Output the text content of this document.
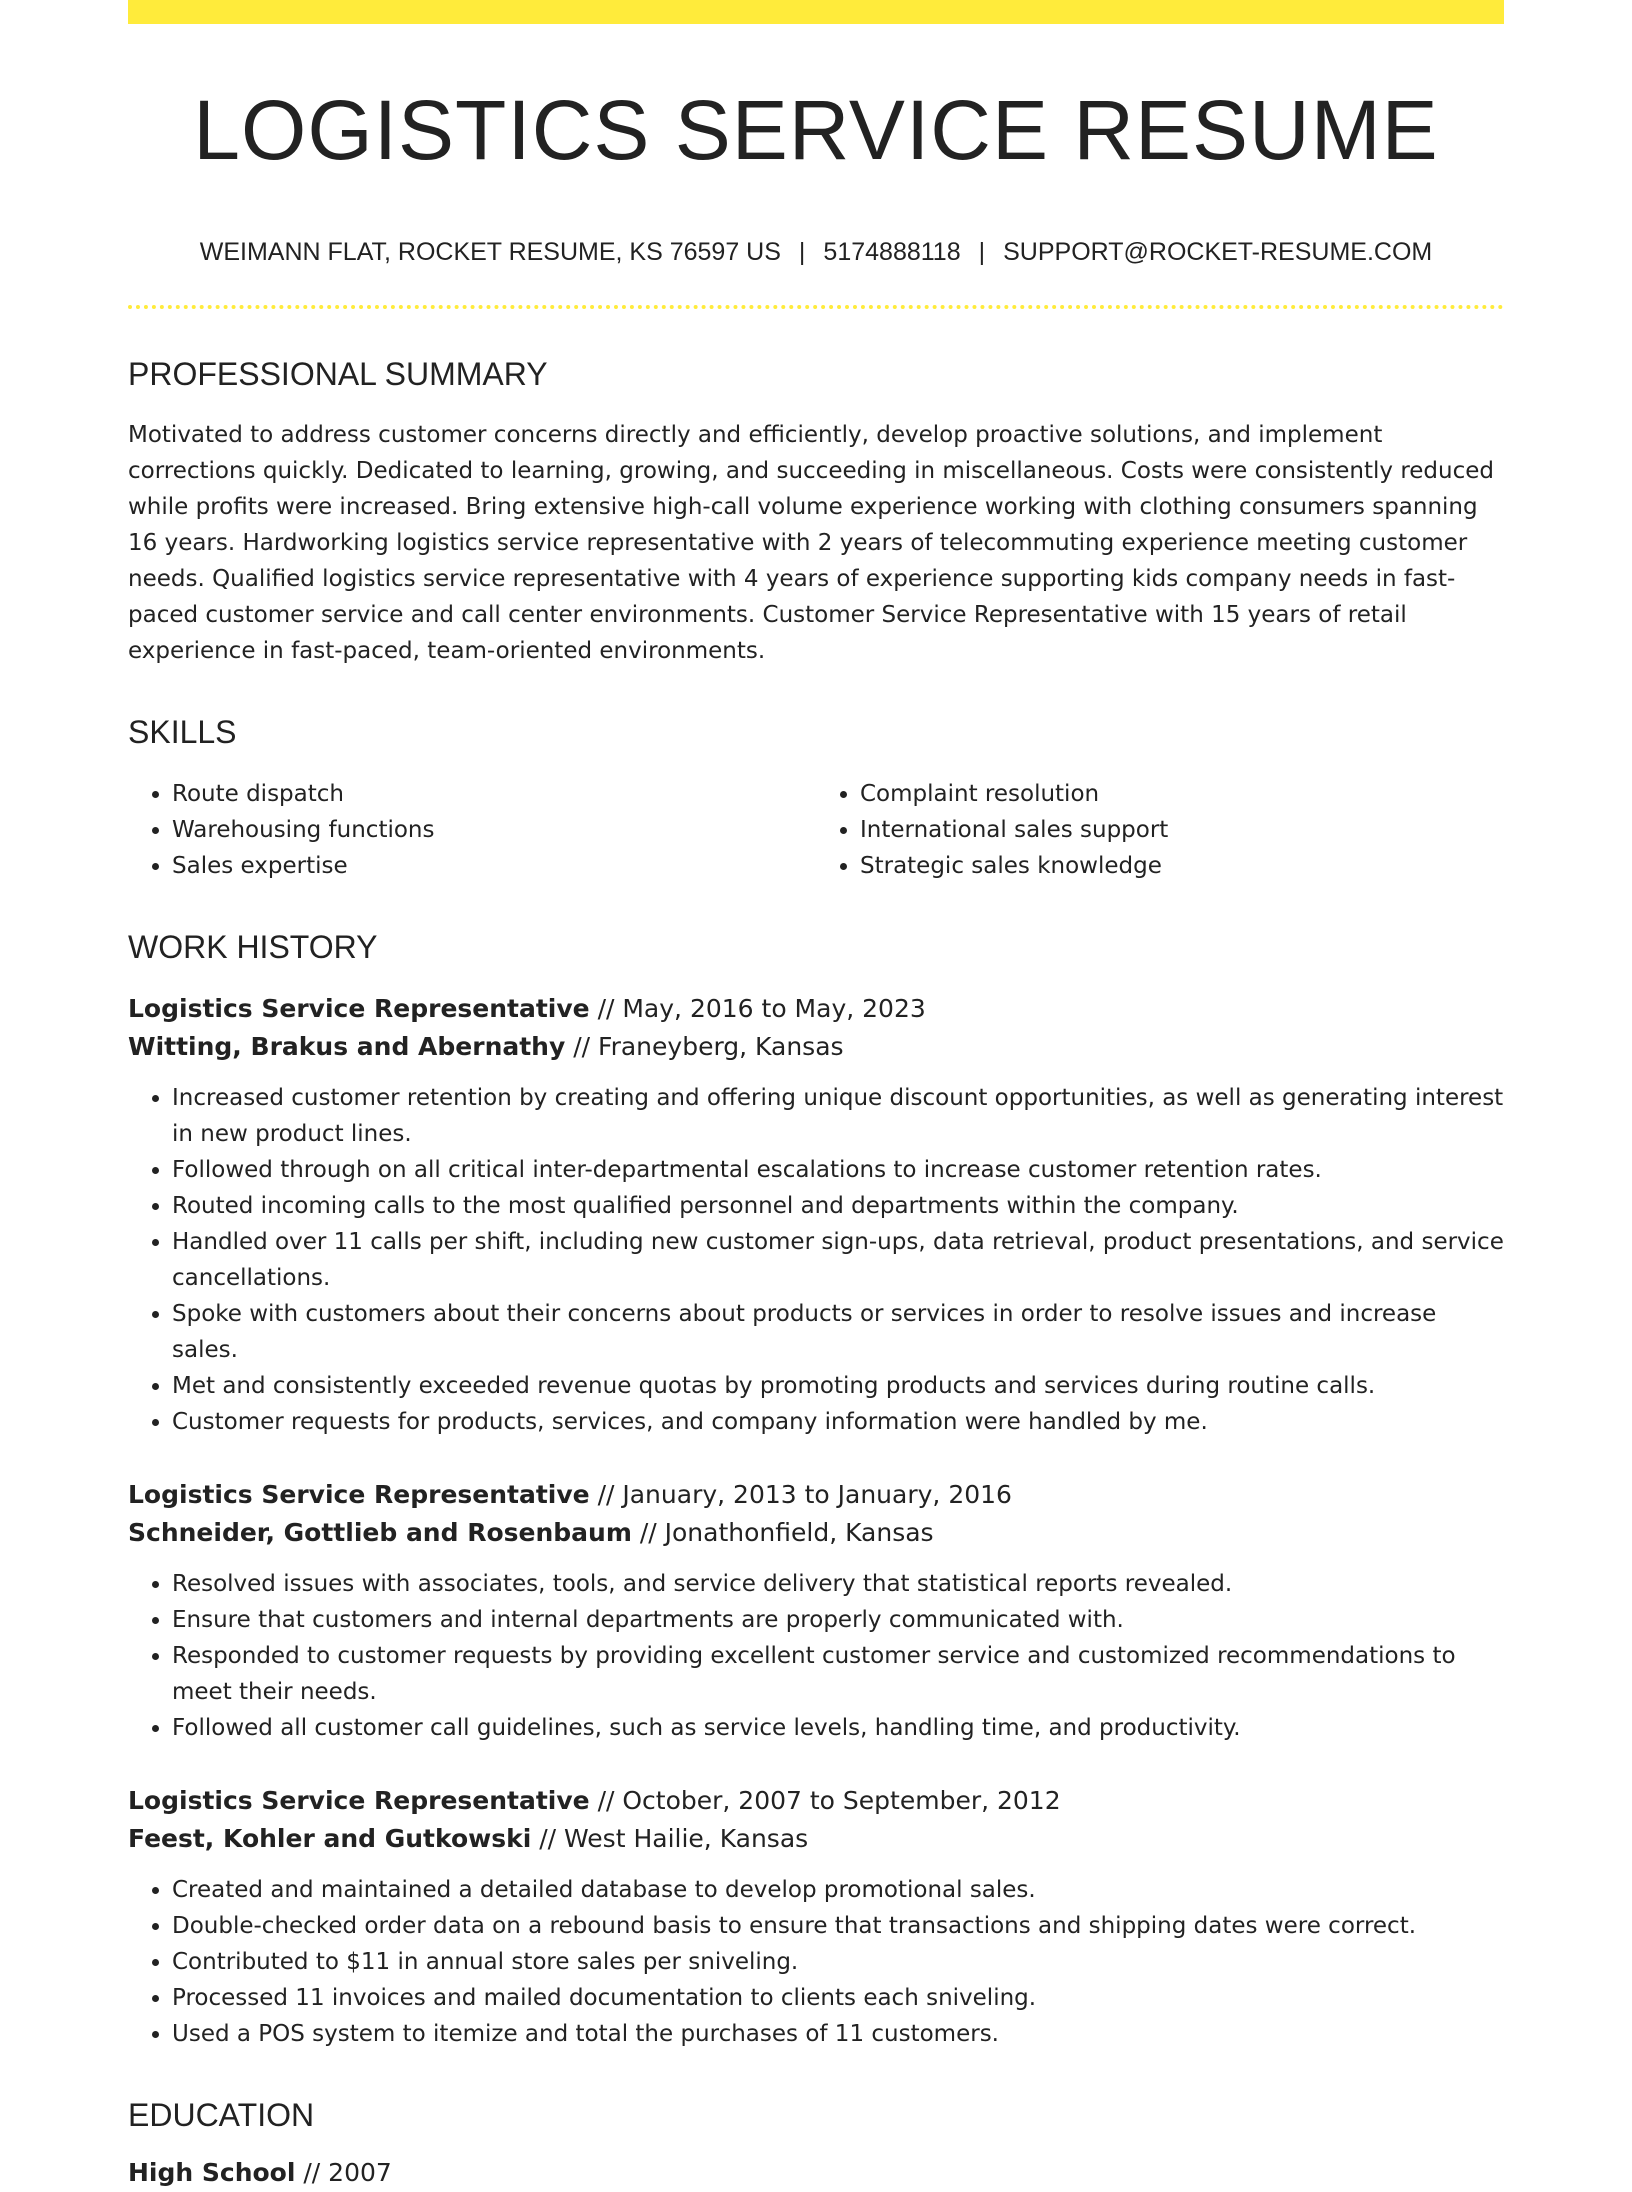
LOGISTICS SERVICE RESUME
WEIMANN FLAT, ROCKET RESUME, KS 76597 US | 5174888118 | SUPPORT@ROCKET-RESUME.COM
PROFESSIONAL SUMMARY
Motivated to address customer concerns directly and efficiently, develop proactive solutions, and implement corrections quickly. Dedicated to learning, growing, and succeeding in miscellaneous. Costs were consistently reduced while profits were increased. Bring extensive high-call volume experience working with clothing consumers spanning 16 years. Hardworking logistics service representative with 2 years of telecommuting experience meeting customer needs. Qualified logistics service representative with 4 years of experience supporting kids company needs in fast-paced customer service and call center environments. Customer Service Representative with 15 years of retail experience in fast-paced, team-oriented environments.
SKILLS
• Route dispatch
• Warehousing functions
• Sales expertise
• Complaint resolution
• International sales support
• Strategic sales knowledge
WORK HISTORY
Logistics Service Representative // May, 2016 to May, 2023
Witting, Brakus and Abernathy // Franeyberg, Kansas
• Increased customer retention by creating and offering unique discount opportunities, as well as generating interest in new product lines.
• Followed through on all critical inter-departmental escalations to increase customer retention rates.
• Routed incoming calls to the most qualified personnel and departments within the company.
• Handled over 11 calls per shift, including new customer sign-ups, data retrieval, product presentations, and service cancellations.
• Spoke with customers about their concerns about products or services in order to resolve issues and increase sales.
• Met and consistently exceeded revenue quotas by promoting products and services during routine calls.
• Customer requests for products, services, and company information were handled by me.
Logistics Service Representative // January, 2013 to January, 2016
Schneider, Gottlieb and Rosenbaum // Jonathonfield, Kansas
• Resolved issues with associates, tools, and service delivery that statistical reports revealed.
• Ensure that customers and internal departments are properly communicated with.
• Responded to customer requests by providing excellent customer service and customized recommendations to meet their needs.
• Followed all customer call guidelines, such as service levels, handling time, and productivity.
Logistics Service Representative // October, 2007 to September, 2012
Feest, Kohler and Gutkowski // West Hailie, Kansas
• Created and maintained a detailed database to develop promotional sales.
• Double-checked order data on a rebound basis to ensure that transactions and shipping dates were correct.
• Contributed to $11 in annual store sales per sniveling.
• Processed 11 invoices and mailed documentation to clients each sniveling.
• Used a POS system to itemize and total the purchases of 11 customers.
EDUCATION
High School // 2007
